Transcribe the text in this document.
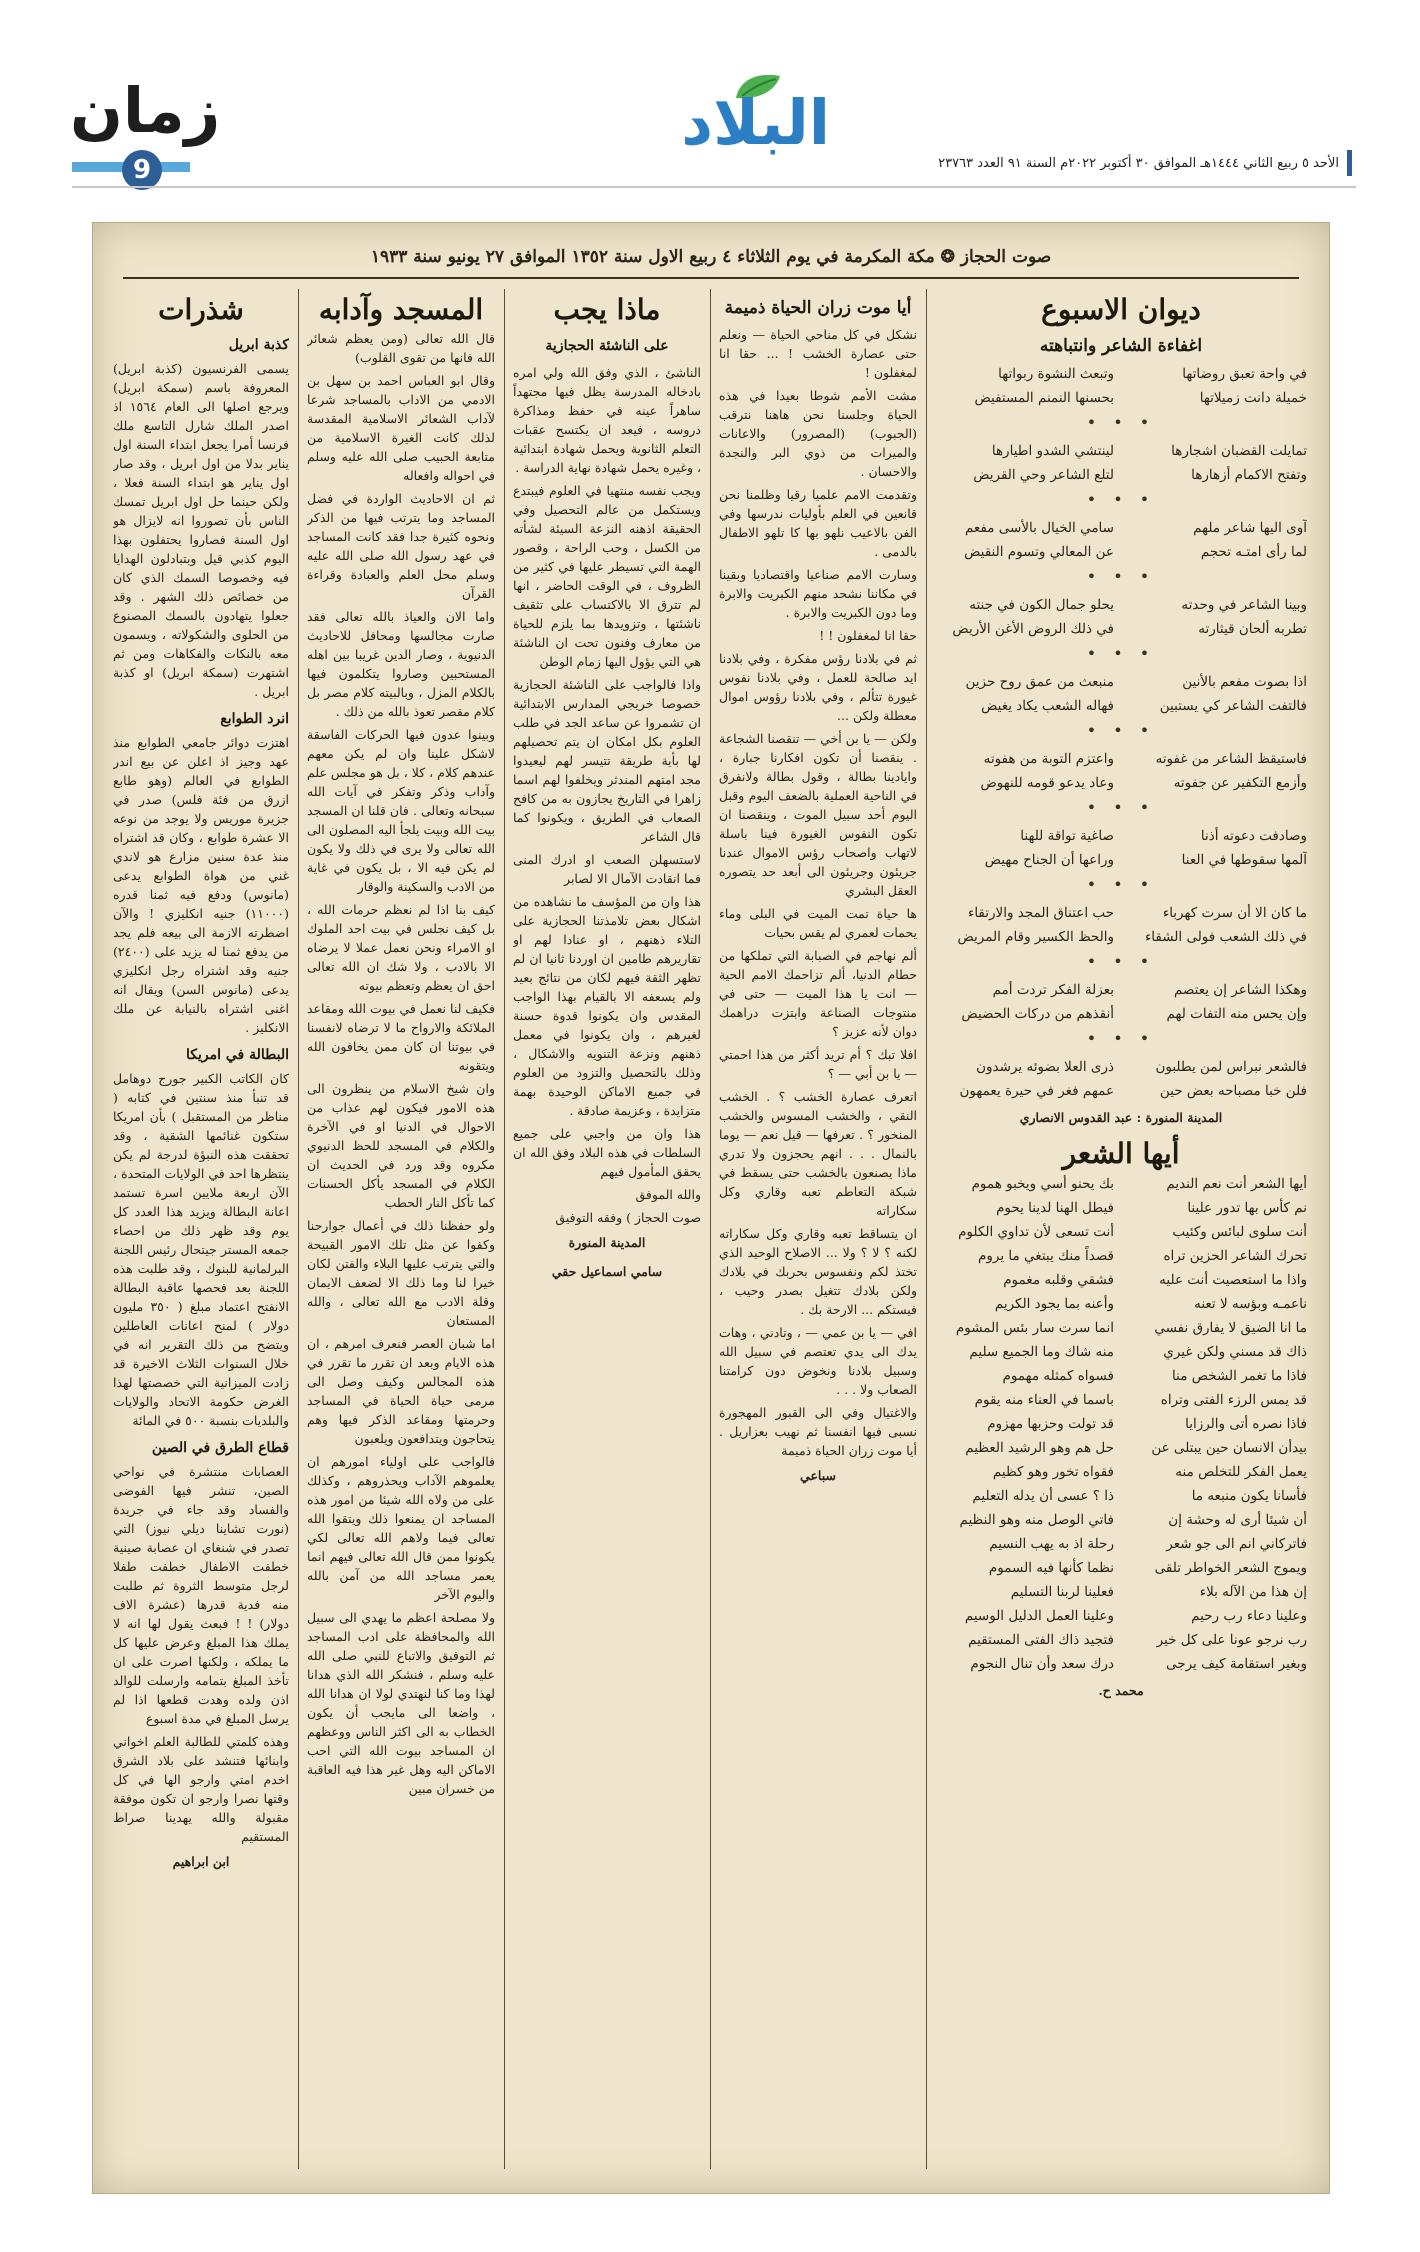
زمان
9
البلاد
الأحد ٥ ربيع الثاني ١٤٤٤هـ الموافق ٣٠ أكتوبر ٢٠٢٢م السنة ٩١ العدد ٢٣٧٦٣
صوت الحجاز ❂ مكة المكرمة في يوم الثلاثاء ٤ ربيع الاول سنة ١٣٥٢ الموافق ٢٧ يونيو سنة ١٩٣٣
ديوان الاسبوع
اغفاءة الشاعر وانتباهته
في واحة تعبق روضاتها
وتبعث النشوة ربواتها
خميلة دانت زميلاتها
بحسنها النمنم المستفيض
• • •
تمايلت القضبان اشجارها
لينتشي الشدو اطيارها
وتفتح الاكمام أزهارها
لتلع الشاعر وحي القريض
• • •
آوى اليها شاعر ملهم
سامي الخيال بالأسى مفعم
لما رأى امتـه تحجم
عن المعالي وتسوم النقيض
• • •
وبينا الشاعر في وحدته
يحلو جمال الكون في جنته
تطربه ألحان قيثارته
في ذلك الروض الأغن الأريض
• • •
اذا بصوت مفعم بالأنين
منبعث من عمق روح حزين
فالتفت الشاعر كي يستبين
فهاله الشعب يكاد يغيض
• • •
فاستيقظ الشاعر من غفوته
واعتزم التوبة من هفوته
وأزمع التكفير عن جفوته
وعاد يدعو قومه للنهوض
• • •
وصادفت دعوته أذنا
صاغية تواقة للهنا
آلمها سقوطها في العنا
وراعها أن الجناح مهيض
• • •
ما كان الا أن سرت كهرباء
حب اعتناق المجد والارتقاء
في ذلك الشعب فولى الشقاء
والحظ الكسير وقام المريض
• • •
وهكذا الشاعر إن يعتصم
بعزلة الفكر تردت أمم
وإن يحس منه التفات لهم
أنقذهم من دركات الحضيض
• • •
فالشعر نبراس لمن يطلبون
ذرى العلا بضوئه يرشدون
فلن خبا مصباحه بعض حين
عمهم فغر في حيرة يعمهون
المدينة المنورة : عبد القدوس الانصاري
أيها الشعر
أيها الشعر أنت نعم النديم
بك يحنو أسي ويخبو هموم
نم كأس بها تدور علينا
فيطل الهنا لدينا يحوم
أنت سلوى لبائس وكئيب
أنت تسعى لأن تداوي الكلوم
تحرك الشاعر الحزين تراه
قصداً منك يبتغي ما يروم
واذا ما استعصيت أنت عليه
فشقي وقلبه مغموم
ناعمـه وبؤسه لا تعنه
وأعنه بما يجود الكريم
ما انا الضيق لا يفارق نفسي
انما سرت سار بئس المشوم
ذاك قد مسني ولكن غيري
منه شاك وما الجميع سليم
فاذا ما تغمر الشخص منا
فسواه كمثله مهموم
قد يمس الرزء الفتى وتراه
باسما في العناء منه يقوم
فاذا نصره أتى والرزايا
قد تولت وحزبها مهزوم
بيدأن الانسان حين يبتلى عن
حل هم وهو الرشيد العظيم
يعمل الفكر للتخلص منه
فقواه تخور وهو كظيم
فأسانا يكون منبعه ما
ذا ؟ عسى أن يدله التعليم
أن شيئا أرى له وحشة إن
فاتي الوصل منه وهو النظيم
فاتركاني انم الى جو شعر
رحلة اذ به يهب النسيم
ويموج الشعر الخواطر تلقى
نظما كأنها فيه السموم
إن هذا من الآله بلاء
فعلينا لربنا التسليم
وعلينا دعاء رب رحيم
وعلينا العمل الدليل الوسيم
رب نرجو عونا على كل خير
فتجيد ذاك الفتى المستقيم
وبغير استقامة كيف يرجى
درك سعد وأن تنال النجوم
محمد ح.
أيا موت زران الحياة ذميمة

نشكل في كل مناحي الحياة — ونعلم حتى عصارة الخشب ! ... حقا انا لمغفلون !

مشت الأمم شوطا بعيدا في هذه الحياة وجلسنا نحن هاهنا نترقب (الجبوب) (المصرور) والاعانات والميرات من ذوي البر والنجدة والاحسان .

وتقدمت الامم علميا رقيا وظلمنا نحن قانعين في العلم بأوليات ندرسها وفي الفن بالاعيب نلهو بها كا تلهو الاطفال بالدمى .

وسارت الامم صناعيا واقتصاديا وبقينا في مكاننا نشحد منهم الكبريت والابرة وما دون الكبريت والابرة .

حقا انا لمغفلون ! !

ثم في بلادنا رؤس مفكرة ، وفي بلادنا ايد صالحة للعمل ، وفي بلادنا نفوس غيورة تتألم ، وفي بلادنا رؤوس اموال معطلة ولكن ...

ولكن — يا بن أخي — تنقصنا الشجاعة . ينقصنا أن تكون افكارنا جبارة ، وايادينا بطالة ، وقول بطالة ولانفرق في الناحية العملية بالضعف اليوم وقبل اليوم أحد سبيل الموت ، وينقصنا ان تكون النفوس الغيورة فينا باسلة لاتهاب واصحاب رؤس الاموال عندنا جريئون وجريئون الى أبعد حد يتصوره العقل البشري

ها حياة تمت الميت في البلى وماء يحمات لعمري لم يقس بحيات

ألم نهاجم في الصبابة التي تملكها من حطام الدنيا، ألم تزاحمك الامم الحية — انت يا هذا الميت — حتى في منتوجات الصناعة وابتزت دراهمك دوان لأنه عزيز ؟

افلا تبك ؟ أم تريد أكثر من هذا احمتي — يا بن أبي — ؟

اتعرف عصارة الخشب ؟ . الخشب النقي ، والخشب المسوس والخشب المنخور ؟ . تعرفها — قيل نعم — يوما بالنمال . . . انهم يحجزون ولا تدري ماذا يصنعون بالخشب حتى يسقط في شبكة التعاطم تعبه وقاري وكل سكاراته

ان يتساقط تعبه وقاري وكل سكاراته لكنه ؟ لا ؟ ولا ... الاصلاح الوحيد الذي تختذ لكم ونفسوس بحربك في بلادك ولكن بلادك تتغيل بصدر وحيب ، فيستكم ... الارحة بك .

افي — يا بن عمي — ، وتادني ، وهات يدك الى يدي تعتصم في سبيل الله وسبيل بلادنا ونخوض دون كرامتنا الصعاب ولا . . .

والاغتيال وفي الى القبور المهجورة نسبى فيها انفسنا ثم نهيب بعزاريل . أيا موت زران الحياة ذميمة

سباعي
ماذا يجب
على الناشئة الحجازية

الناشئ ، الذي وفق الله ولي امره بادخاله المدرسة يظل فيها مجتهداً ساهراً عينه في حفظ ومذاكرة دروسه ، فيعد ان يكتسح عقبات التعلم الثانوية ويحمل شهادة ابتدائية ، وغيره يحمل شهادة نهاية الدراسة .

ويجب نفسه منتهيا في العلوم فيبتدع ويستكمل من عالم التحصيل وفي الحقيقة اذهنه النزعة السيئة لشأته من الكسل ، وحب الراحة ، وقصور الهمة التي تسيطر عليها في كثير من الظروف ، في الوقت الحاضر ، انها لم تترق الا بالاكتساب على تثقيف ناشئتها ، وتزويدها بما يلزم للحياة من معارف وفنون تحت ان الناشئة هي التي يؤول اليها زمام الوطن

واذا فالواجب على الناشئة الحجازية خصوصا خريجي المدارس الابتدائية ان تشمروا عن ساعد الجد في طلب العلوم بكل امكان ان يتم تحصيلهم لها بأية طريقة تتيسر لهم ليعيدوا مجد امتهم المندثر ويخلفوا لهم اسما زاهرا في التاريخ يجازون به من كافح الصعاب في الطريق ، ويكونوا كما قال الشاعر

لاستسهلن الصعب او ادرك المنى فما انقادت الآمال الا لصابر

هذا وان من المؤسف ما نشاهده من اشكال بعض تلامذتنا الحجازية على التلاء ذهنهم ، او عنادا لهم او تقاريرهم طامين ان اوردنا ثانيا ان لم تظهر الثقة فيهم لكان من نتائج بعيد ولم يسعفه الا بالقيام بهذا الواجب المقدس وان يكونوا قدوة حسنة لغيرهم ، وان يكونوا في معمل ذهنهم ونزعة التنويه والاشكال ، وذلك بالتحصيل والتزود من العلوم في جميع الاماكن الوحيدة بهمة متزايدة ، وعزيمة صادقة .

هذا وان من واجبي على جميع السلطات في هذه البلاد وفق الله ان يحقق المأمول فيهم

والله الموفق

صوت الحجاز ) وفقه التوفيق

المدينة المنورة
سامي اسماعيل حقي
المسجد وآدابه

قال الله تعالى (ومن يعظم شعائر الله فانها من تقوى القلوب)

وقال ابو العباس احمد بن سهل بن الادمي من الاداب بالمساجد شرعا لآداب الشعائر الاسلامية المقدسة لذلك كانت الغيرة الاسلامية من متابعة الحبيب صلى الله عليه وسلم في احواله وافعاله

ثم ان الاحاديث الواردة في فضل المساجد وما يترتب فيها من الذكر ونحوه كثيرة جدا فقد كانت المساجد في عهد رسول الله صلى الله عليه وسلم محل العلم والعبادة وقراءة القرآن

واما الان والعياذ بالله تعالى فقد صارت مجالسها ومحافل للاحاديث الدنيوية ، وصار الدين غريبا بين اهله المستحبين وصاروا يتكلمون فيها بالكلام المزل ، وبالبيته كلام مصر بل كلام مقصر تعوذ بالله من ذلك .

وبينوا عدون فيها الحركات الفاسقة لاشكل علينا وان لم يكن معهم عندهم كلام ، كلا ، بل هو مجلس علم وآداب وذكر وتفكر في آيات الله سبحانه وتعالى . فان قلنا ان المسجد بيت الله وبيت يلجأ اليه المصلون الى الله تعالى ولا يرى في ذلك ولا يكون لم يكن فيه الا ، بل يكون في غاية من الادب والسكينة والوقار

كيف بنا اذا لم نعظم حرمات الله ، بل كيف نجلس في بيت احد الملوك او الامراء ونحن نعمل عملا لا يرضاه الا بالادب ، ولا شك ان الله تعالى احق ان يعظم وتعظم بيوته

فكيف لنا نعمل في بيوت الله ومقاعد الملائكة والارواح ما لا ترضاه لانفسنا في بيوتنا ان كان ممن يخافون الله ويتقونه

وان شيخ الاسلام من ينظرون الى هذه الامور فيكون لهم عذاب من الاحوال في الدنيا او في الآخرة والكلام في المسجد للحظ الدنيوي مكروه وقد ورد في الحديث ان الكلام في المسجد يأكل الحسنات كما تأكل النار الحطب

ولو حفظنا ذلك في أعمال جوارحنا وكفوا عن مثل تلك الامور القبيحة والتي يترتب عليها البلاء والفتن لكان خيرا لنا وما ذلك الا لضعف الايمان وقلة الادب مع الله تعالى ، والله المستعان

اما شبان العصر فنعرف امرهم ، ان هذه الايام وبعد ان تقرر ما تقرر في هذه المجالس وكيف وصل الى مرمى حياة الحياة في المساجد وحرمتها ومقاعد الذكر فيها وهم يتحاجون ويتدافعون ويلعبون

فالواجب على اولياء امورهم ان يعلموهم الآداب ويحذروهم ، وكذلك على من ولاه الله شيئا من امور هذه المساجد ان يمنعوا ذلك ويتقوا الله تعالى فيما ولاهم الله تعالى لكي يكونوا ممن قال الله تعالى فيهم انما يعمر مساجد الله من آمن بالله واليوم الآخر

ولا مصلحة اعظم ما يهدي الى سبيل الله والمحافظة على ادب المساجد ثم التوفيق والاتباع للنبي صلى الله عليه وسلم ، فنشكر الله الذي هدانا لهذا وما كنا لنهتدي لولا ان هدانا الله ، واضعا الى مايجب أن يكون الخطاب به الى اكثر الناس ووعظهم ان المساجد بيوت الله التي احب الاماكن اليه وهل غير هذا فيه العاقبة من خسران مبين

شذرات
كذبة ابريل

يسمى الفرنسيون (كذبة ابريل) المعروفة باسم (سمكة ابريل) ويرجع اصلها الى العام ١٥٦٤ اذ اصدر الملك شارل التاسع ملك فرنسا أمرا يجعل ابتداء السنة اول يناير بدلا من اول ابريل ، وقد صار اول يناير هو ابتداء السنة فعلا ، ولكن حينما حل اول ابريل تمسك الناس بأن تصوروا انه لايزال هو اول السنة فصاروا يحتفلون بهذا اليوم كذبي قيل وبتبادلون الهدايا فيه وخصوصا السمك الذي كان من خصائص ذلك الشهر . وقد جعلوا يتهادون بالسمك المصنوع من الحلوى والشكولاته ، ويسمون معه بالنكات والفكاهات ومن ثم اشتهرت (سمكة ابريل) او كذبة ابريل .

انرد الطوابع

اهتزت دوائر جامعي الطوابع منذ عهد وجيز اذ اعلن عن بيع اندر الطوابع في العالم (وهو طابع ازرق من فئة فلس) صدر في جزيرة موريس ولا يوجد من نوعه الا عشرة طوابع ، وكان قد اشتراه منذ عدة سنين مزارع هو لاندي غني من هواة الطوابع يدعى (مانوس) ودفع فيه ثمنا قدره (١١٠٠٠) جنيه انكليزي ! والآن اضطرته الازمة الى بيعه فلم يجد من يدفع ثمنا له يزيد على (٢٤٠٠) جنيه وقد اشتراه رجل انكليزي يدعى (مانوس السن) ويقال انه اغنى اشتراه بالنيابة عن ملك الانكليز .

البطالة في امريكا

كان الكاتب الكبير جورج دوهامل قد تنبأ منذ سنتين في كتابه ( مناظر من المستقبل ) بأن امريكا ستكون غنائمها الشقية ، وقد تحققت هذه النبؤة لدرجة لم يكن ينتظرها احد في الولايات المتحدة ، الآن اربعة ملايين اسرة تستمد اعانة البطالة ويزيد هذا العدد كل يوم وقد ظهر ذلك من احصاء جمعه المستر جيتحال رئيس اللجنة البرلمانية للبنوك ، وقد طلبت هذه اللجنة بعد فحصها عاقبة البطالة الانفتح اعتماد مبلغ ( ٣٥٠ مليون دولار ) لمنح اعانات العاطلين ويتضح من ذلك التقرير انه في خلال السنوات الثلاث الاخيرة قد زادت الميزانية التي خصصتها لهذا الغرض حكومة الاتحاد والولايات والبلديات بنسبة ٥٠٠ في المائة

قطاع الطرق في الصين

العصابات منتشرة في نواحي الصين، تنشر فيها الفوضى والفساد وقد جاء في جريدة (نورت تشاينا ديلي نيوز) التي تصدر في شنغاي ان عصابة صينية خطفت الاطفال خطفت طفلا لرجل متوسط الثروة ثم طلبت منه فدية قدرها (عشرة الاف دولار) ! ! فبعث يقول لها انه لا يملك هذا المبلغ وعرض عليها كل ما يملكه ، ولكنها اصرت على ان تأخذ المبلغ بتمامه وارسلت للوالد اذن ولده وهدت قطعها اذا لم يرسل المبلغ في مدة اسبوع

وهذه كلمتي للطالبة العلم اخواني وابنائها فتنشد على بلاد الشرق اخدم امتي وارجو الها في كل وقتها نصرا وارجو ان تكون موفقة مقبولة والله يهدينا صراط المستقيم

ابن ابراهيم
